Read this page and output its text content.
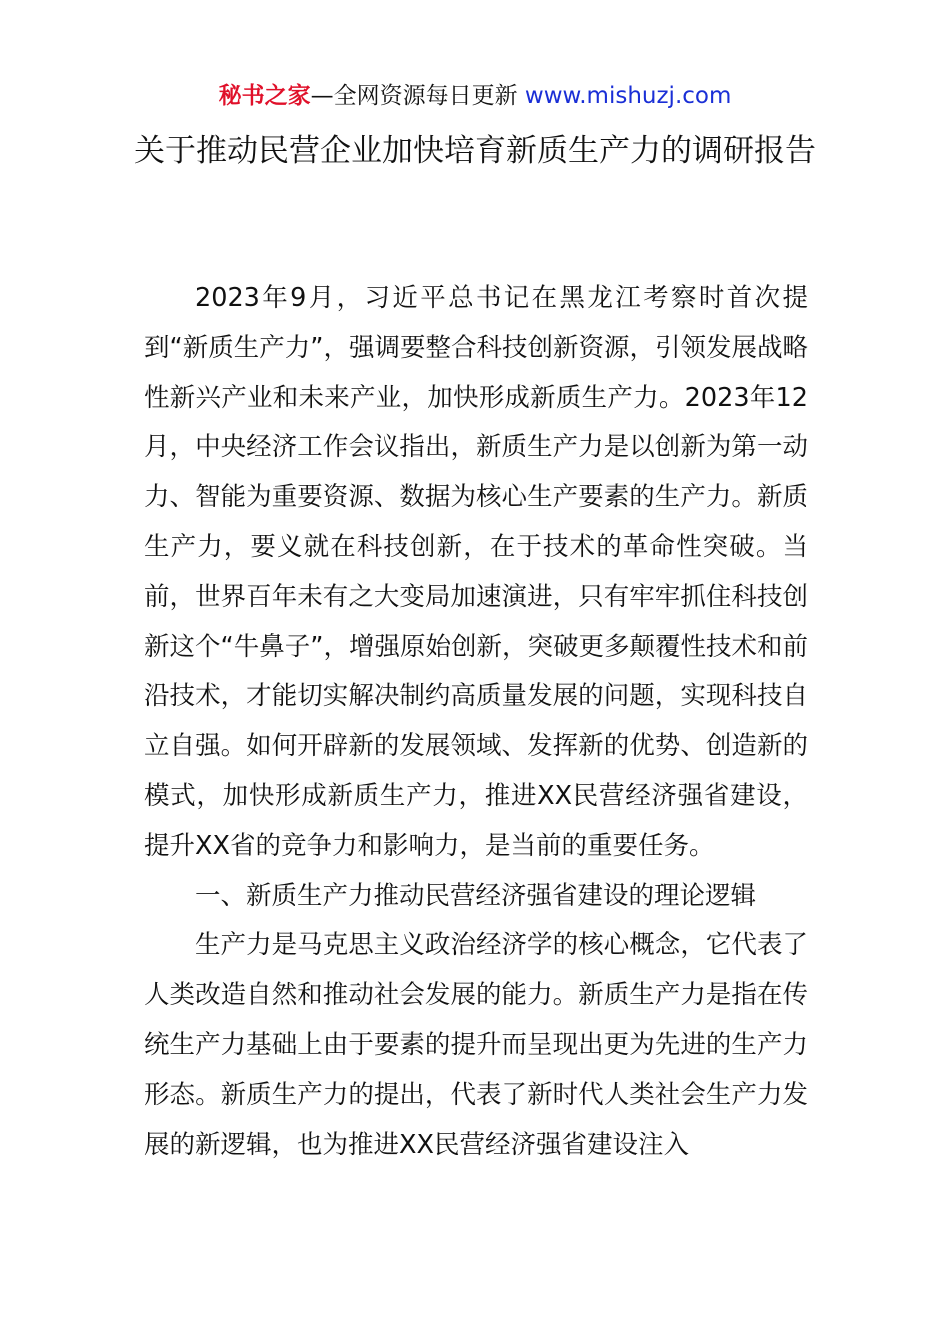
秘书之家—全网资源每日更新 www.mishuzj.com
关于推动民营企业加快培育新质生产力的调研报告

2023年9月，习近平总书记在黑龙江考察时首次提到“新质生产力”，强调要整合科技创新资源，引领发展战略性新兴产业和未来产业，加快形成新质生产力。2023年12月，中央经济工作会议指出，新质生产力是以创新为第一动力、智能为重要资源、数据为核心生产要素的生产力。新质生产力，要义就在科技创新，在于技术的革命性突破。当前，世界百年未有之大变局加速演进，只有牢牢抓住科技创新这个“牛鼻子”，增强原始创新，突破更多颠覆性技术和前沿技术，才能切实解决制约高质量发展的问题，实现科技自立自强。如何开辟新的发展领域、发挥新的优势、创造新的模式，加快形成新质生产力，推进XX民营经济强省建设，提升XX省的竞争力和影响力，是当前的重要任务。

一、新质生产力推动民营经济强省建设的理论逻辑

生产力是马克思主义政治经济学的核心概念，它代表了人类改造自然和推动社会发展的能力。新质生产力是指在传统生产力基础上由于要素的提升而呈现出更为先进的生产力形态。新质生产力的提出，代表了新时代人类社会生产力发展的新逻辑，也为推进XX民营经济强省建设注入
